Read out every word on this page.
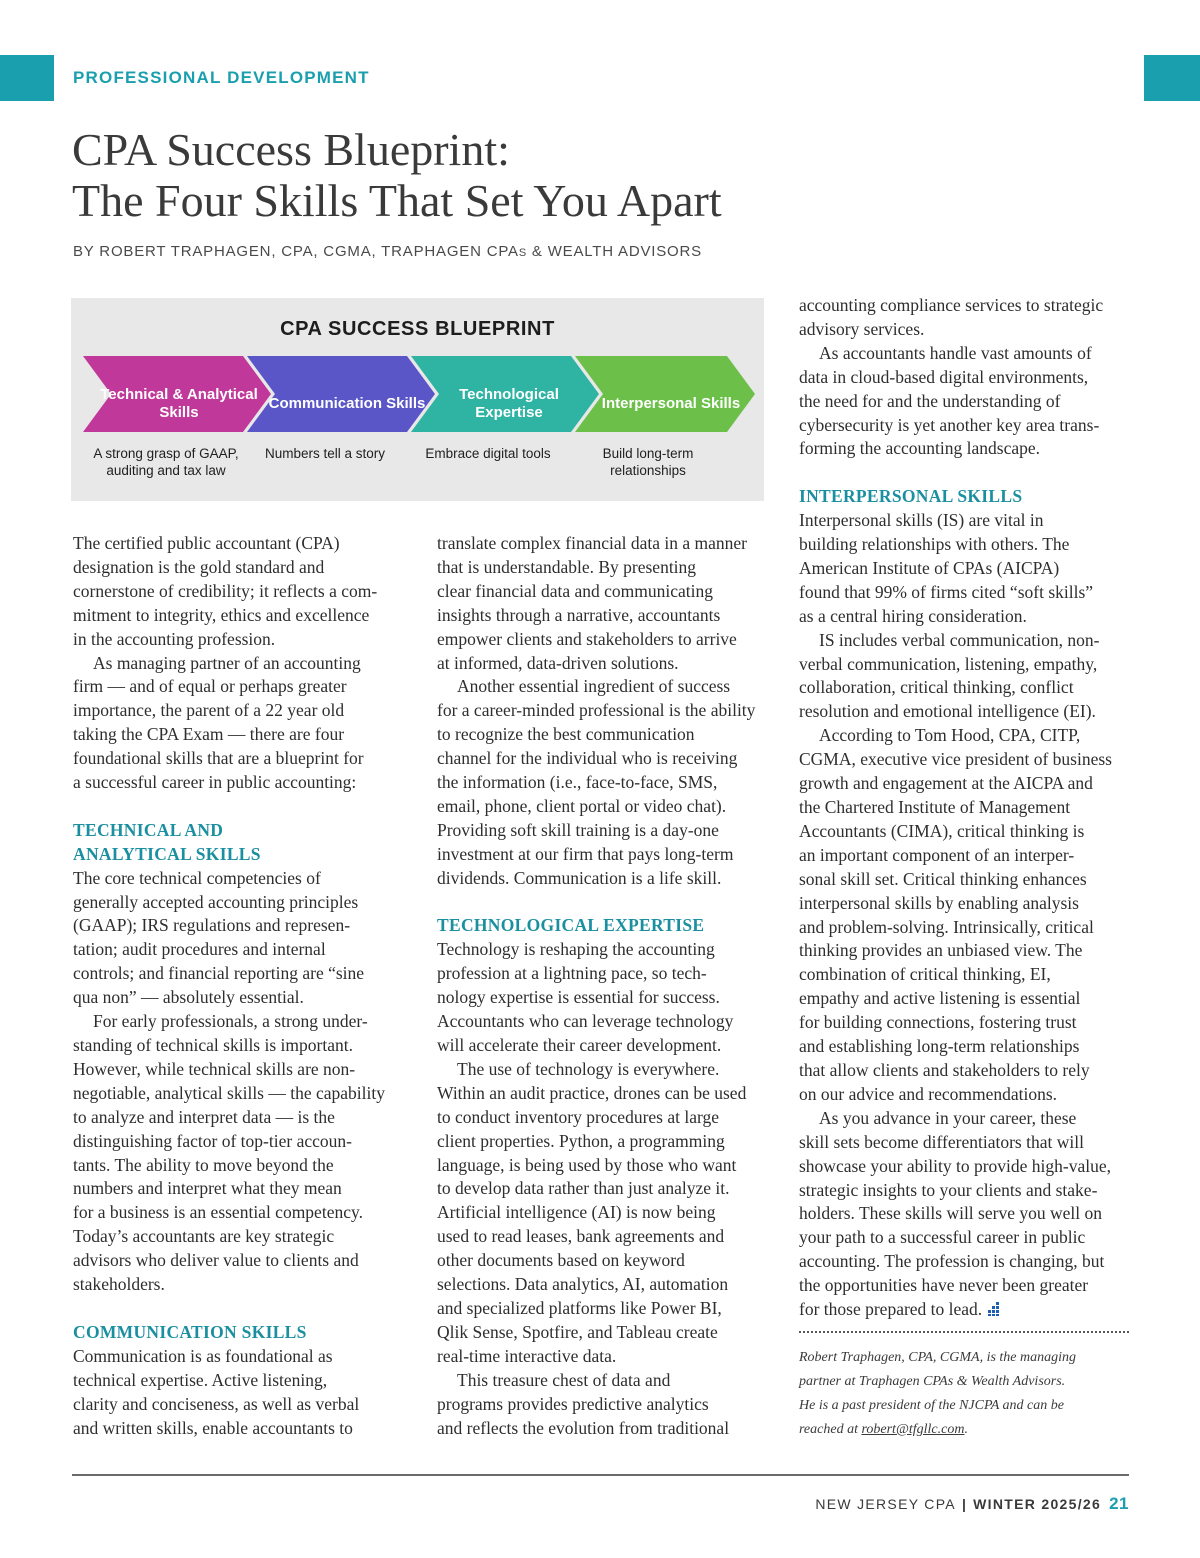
PROFESSIONAL DEVELOPMENT
CPA Success Blueprint:
The Four Skills That Set You Apart
BY ROBERT TRAPHAGEN, CPA, CGMA, TRAPHAGEN CPAS & WEALTH ADVISORS
CPA SUCCESS BLUEPRINT
Technical & Analytical Skills
Communication Skills
Technological Expertise
Interpersonal Skills
A strong grasp of GAAP, auditing and tax law
Numbers tell a story	Embrace digital tools	Build long-term relationships

The certified public accountant (CPA)

designation is the gold standard and

cornerstone of credibility; it reflects a com-

mitment to integrity, ethics and excellence

in the accounting profession.

As managing partner of an accounting

firm — and of equal or perhaps greater

importance, the parent of a 22 year old

taking the CPA Exam — there are four

foundational skills that are a blueprint for

a successful career in public accounting:

TECHNICAL AND
ANALYTICAL SKILLS

The core technical competencies of

generally accepted accounting principles

(GAAP); IRS regulations and represen-

tation; audit procedures and internal

controls; and financial reporting are “sine

qua non” — absolutely essential.

For early professionals, a strong under-

standing of technical skills is important.

However, while technical skills are non-

negotiable, analytical skills — the capability

to analyze and interpret data — is the

distinguishing factor of top-tier accoun-

tants. The ability to move beyond the

numbers and interpret what they mean

for a business is an essential competency.

Today’s accountants are key strategic

advisors who deliver value to clients and

stakeholders.

COMMUNICATION SKILLS

Communication is as foundational as

technical expertise. Active listening,

clarity and conciseness, as well as verbal

and written skills, enable accountants to

translate complex financial data in a manner

that is understandable. By presenting

clear financial data and communicating

insights through a narrative, accountants

empower clients and stakeholders to arrive

at informed, data-driven solutions.

Another essential ingredient of success

for a career-minded professional is the ability

to recognize the best communication

channel for the individual who is receiving

the information (i.e., face-to-face, SMS,

email, phone, client portal or video chat).

Providing soft skill training is a day-one

investment at our firm that pays long-term

dividends. Communication is a life skill.

TECHNOLOGICAL EXPERTISE

Technology is reshaping the accounting

profession at a lightning pace, so tech-

nology expertise is essential for success.

Accountants who can leverage technology

will accelerate their career development.

The use of technology is everywhere.

Within an audit practice, drones can be used

to conduct inventory procedures at large

client properties. Python, a programming

language, is being used by those who want

to develop data rather than just analyze it.

Artificial intelligence (AI) is now being

used to read leases, bank agreements and

other documents based on keyword

selections. Data analytics, AI, automation

and specialized platforms like Power BI,

Qlik Sense, Spotfire, and Tableau create

real-time interactive data.

This treasure chest of data and

programs provides predictive analytics

and reflects the evolution from traditional

accounting compliance services to strategic

advisory services.

As accountants handle vast amounts of

data in cloud-based digital environments,

the need for and the understanding of

cybersecurity is yet another key area trans-

forming the accounting landscape.

INTERPERSONAL SKILLS

Interpersonal skills (IS) are vital in

building relationships with others. The

American Institute of CPAs (AICPA)

found that 99% of firms cited “soft skills”

as a central hiring consideration.

IS includes verbal communication, non-

verbal communication, listening, empathy,

collaboration, critical thinking, conflict

resolution and emotional intelligence (EI).

According to Tom Hood, CPA, CITP,

CGMA, executive vice president of business

growth and engagement at the AICPA and

the Chartered Institute of Management

Accountants (CIMA), critical thinking is

an important component of an interper-

sonal skill set. Critical thinking enhances

interpersonal skills by enabling analysis

and problem-solving. Intrinsically, critical

thinking provides an unbiased view. The

combination of critical thinking, EI,

empathy and active listening is essential

for building connections, fostering trust

and establishing long-term relationships

that allow clients and stakeholders to rely

on our advice and recommendations.

As you advance in your career, these

skill sets become differentiators that will

showcase your ability to provide high-value,

strategic insights to your clients and stake-

holders. These skills will serve you well on

your path to a successful career in public

accounting. The profession is changing, but

the opportunities have never been greater

for those prepared to lead.

Robert Traphagen, CPA, CGMA, is the managing
partner at Traphagen CPAs & Wealth Advisors.
He is a past president of the NJCPA and can be
reached at robert@tfgllc.com.
NEW JERSEY CPA | WINTER 2025/26 21
